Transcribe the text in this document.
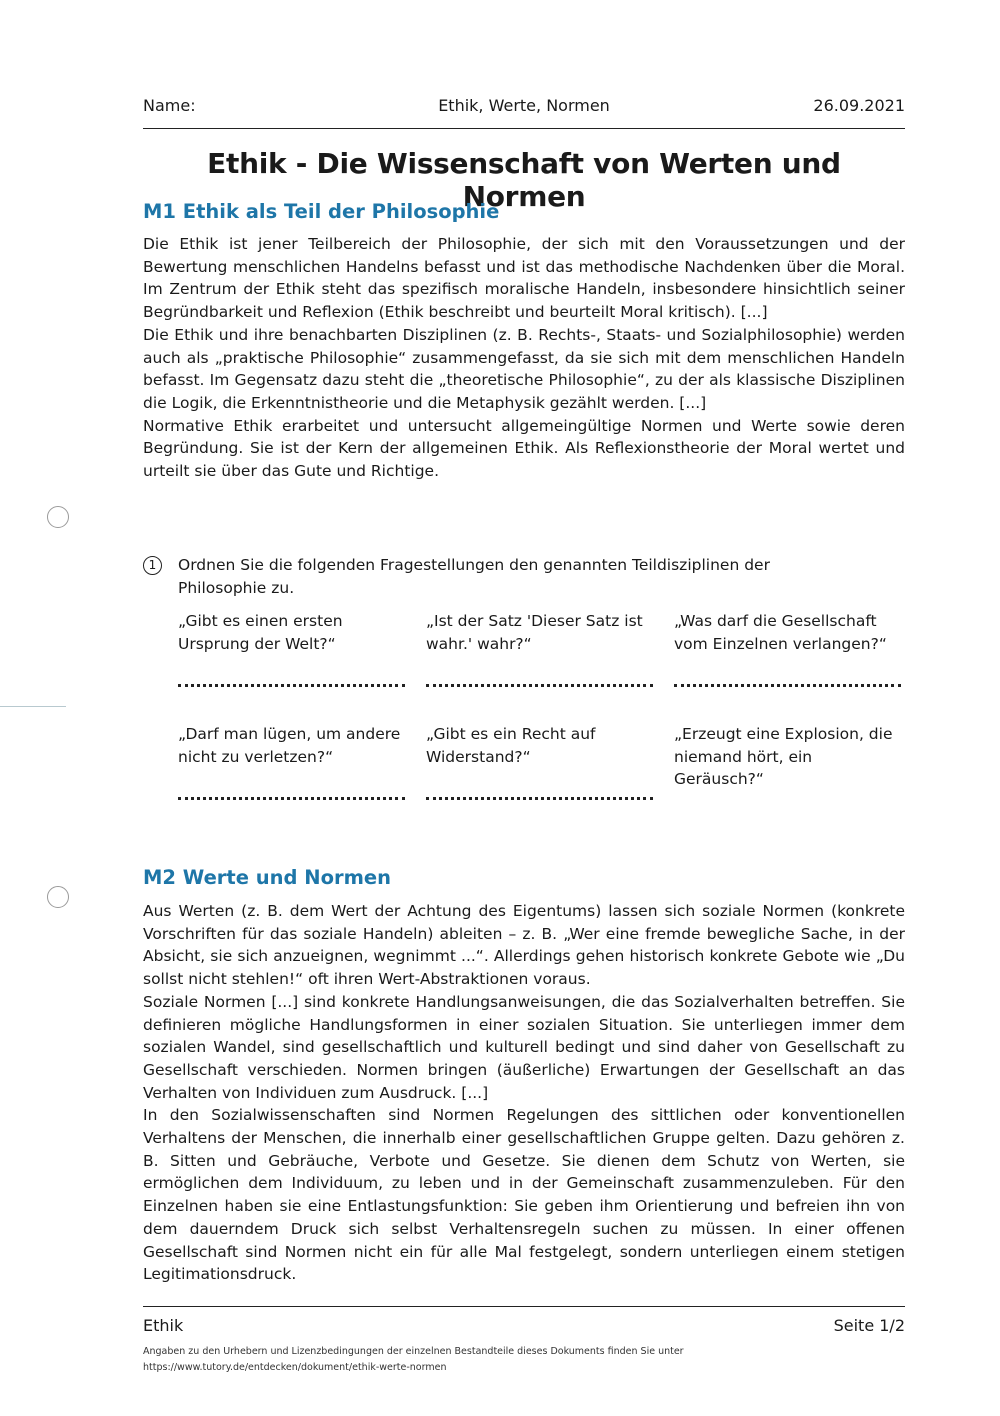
Name:	Ethik, Werte, Normen	26.09.2021
Ethik - Die Wissenschaft von Werten und Normen
M1 Ethik als Teil der Philosophie

Die Ethik ist jener Teilbereich der Philosophie, der sich mit den Voraussetzungen und der Bewertung menschlichen Handelns befasst und ist das methodische Nachdenken über die Moral. Im Zentrum der Ethik steht das spezifisch moralische Handeln, insbesondere hinsichtlich seiner Begründbarkeit und Reflexion (Ethik beschreibt und beurteilt Moral kritisch). [...]

Die Ethik und ihre benachbarten Disziplinen (z. B. Rechts-, Staats- und Sozialphilosophie) werden auch als „praktische Philosophie“ zusammengefasst, da sie sich mit dem menschlichen Handeln befasst. Im Gegensatz dazu steht die „theoretische Philosophie“, zu der als klassische Disziplinen die Logik, die Erkenntnistheorie und die Metaphysik gezählt werden. [...]

Normative Ethik erarbeitet und untersucht allgemeingültige Normen und Werte sowie deren Begründung. Sie ist der Kern der allgemeinen Ethik. Als Reflexionstheorie der Moral wertet und urteilt sie über das Gute und Richtige.

1	Ordnen Sie die folgenden Fragestellungen den genannten Teildisziplinen der Philosophie zu.
„Gibt es einen ersten Ursprung der Welt?“
„Ist der Satz 'Dieser Satz ist wahr.' wahr?“
„Was darf die Gesellschaft vom Einzelnen verlangen?“
„Darf man lügen, um andere nicht zu verletzen?“
„Gibt es ein Recht auf Widerstand?“
„Erzeugt eine Explosion, die niemand hört, ein Geräusch?“
M2 Werte und Normen

Aus Werten (z. B. dem Wert der Achtung des Eigentums) lassen sich soziale Normen (konkrete Vorschriften für das soziale Handeln) ableiten – z. B. „Wer eine fremde bewegliche Sache, in der Absicht, sie sich anzueignen, wegnimmt ...“. Allerdings gehen historisch konkrete Gebote wie „Du sollst nicht stehlen!“ oft ihren Wert-Abstraktionen voraus.

Soziale Normen [...] sind konkrete Handlungsanweisungen, die das Sozialverhalten betreffen. Sie definieren mögliche Handlungsformen in einer sozialen Situation. Sie unterliegen immer dem sozialen Wandel, sind gesellschaftlich und kulturell bedingt und sind daher von Gesellschaft zu Gesellschaft verschieden. Normen bringen (äußerliche) Erwartungen der Gesellschaft an das Verhalten von Individuen zum Ausdruck. [...]

In den Sozialwissenschaften sind Normen Regelungen des sittlichen oder konventionellen Verhaltens der Menschen, die innerhalb einer gesellschaftlichen Gruppe gelten. Dazu gehören z. B. Sitten und Gebräuche, Verbote und Gesetze. Sie dienen dem Schutz von Werten, sie ermöglichen dem Individuum, zu leben und in der Gemeinschaft zusammenzuleben. Für den Einzelnen haben sie eine Entlastungsfunktion: Sie geben ihm Orientierung und befreien ihn von dem dauerndem Druck sich selbst Verhaltensregeln suchen zu müssen. In einer offenen Gesellschaft sind Normen nicht ein für alle Mal festgelegt, sondern unterliegen einem stetigen Legitimationsdruck.

Ethik	Seite 1/2
Angaben zu den Urhebern und Lizenzbedingungen der einzelnen Bestandteile dieses Dokuments finden Sie unter
https://www.tutory.de/entdecken/dokument/ethik-werte-normen
